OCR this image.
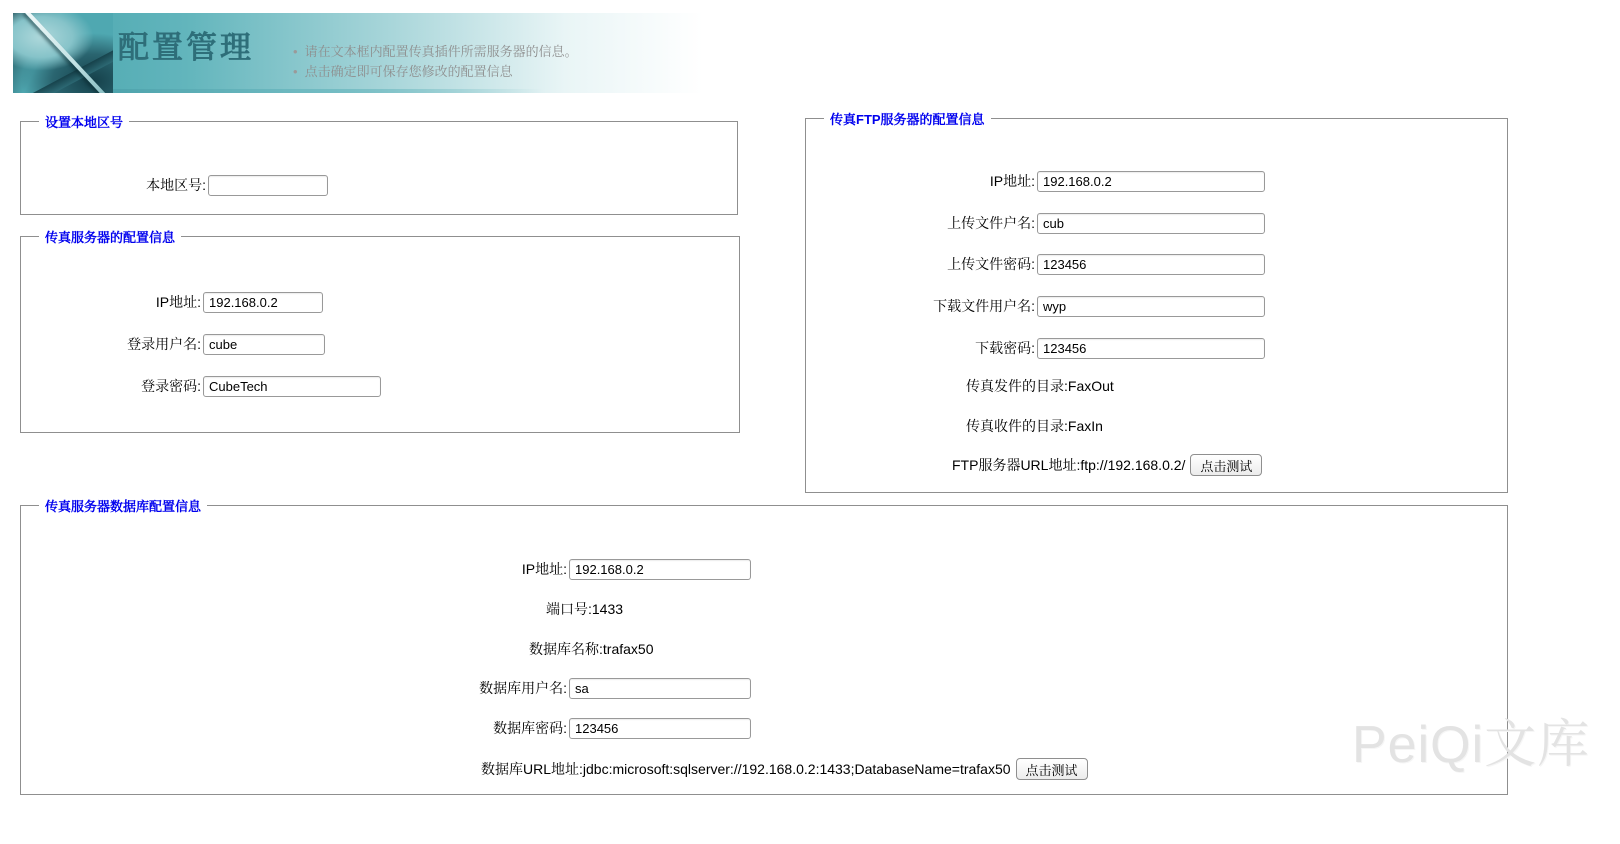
配置管理	• 请在文本框内配置传真插件所需服务器的信息。
• 点击确定即可保存您修改的配置信息
设置本地区号
本地区号:
传真服务器的配置信息
IP地址:
192.168.0.2
登录用户名:
cube
登录密码:
CubeTech
传真FTP服务器的配置信息
IP地址:
192.168.0.2
上传文件户名:
cub
上传文件密码:
123456
下载文件用户名:
wyp
下载密码:
123456
传真发件的目录:FaxOut
传真收件的目录:FaxIn
FTP服务器URL地址:ftp://192.168.0.2/	点击测试
传真服务器数据库配置信息
IP地址:
192.168.0.2
端口号:1433
数据库名称:trafax50
数据库用户名:
sa
数据库密码:
123456
数据库URL地址:jdbc:microsoft:sqlserver://192.168.0.2:1433;DatabaseName=trafax50	点击测试	PeiQi文库
